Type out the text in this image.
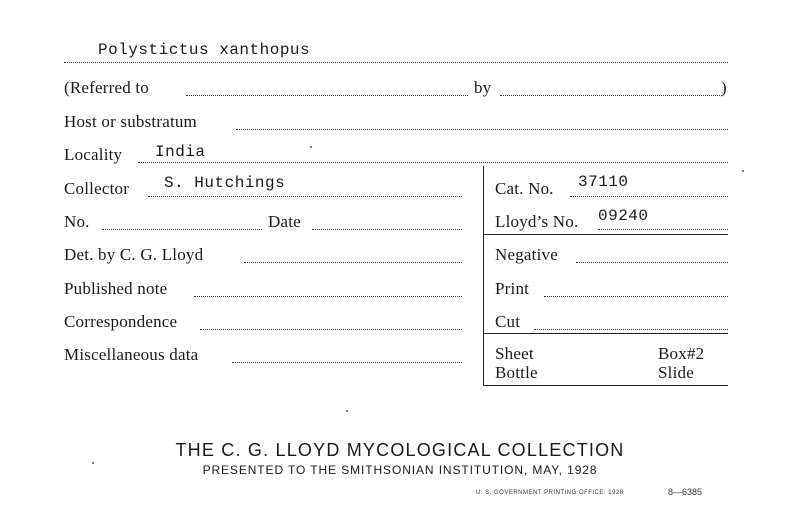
Polystictus xanthopus
(Referred to	by	)
Host or substratum
Locality India
Collector S. Hutchings	Cat. No. 37110
No.	Date	Lloyd’s No. 09240
Det. by C. G. Lloyd	Negative
Published note	Print
Correspondence	Cut
Miscellaneous data	Sheet	Box#2
Bottle	Slide
THE C. G. LLOYD MYCOLOGICAL COLLECTION
PRESENTED TO THE SMITHSONIAN INSTITUTION, MAY, 1928
U. S. GOVERNMENT PRINTING OFFICE: 1928	8—6385
